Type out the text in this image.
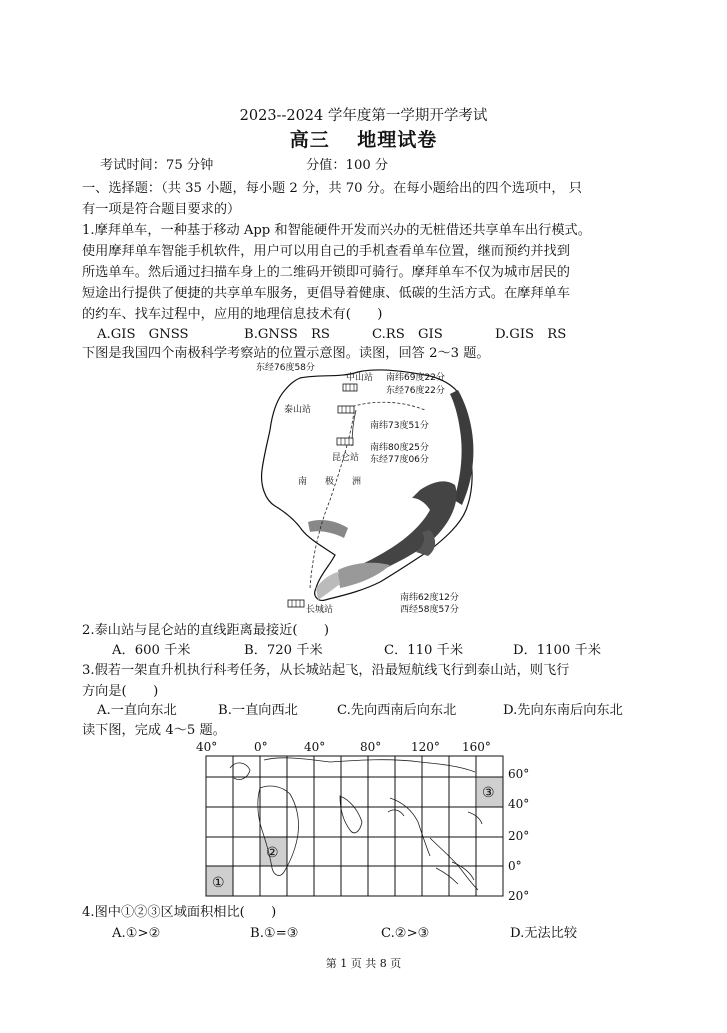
2023--2024 学年度第一学期开学考试
高三　 地理试卷
考试时间：75 分钟	分值：100 分
一、选择题：（共 35 小题，每小题 2 分，共 70 分。在每小题给出的四个选项中， 只
有一项是符合题目要求的）
1.摩拜单车，一种基于移动 App 和智能硬件开发而兴办的无桩借还共享单车出行模式。
使用摩拜单车智能手机软件，用户可以用自己的手机查看单车位置，继而预约并找到
所选单车。然后通过扫描车身上的二维码开锁即可骑行。摩拜单车不仅为城市居民的
短途出行提供了便捷的共享单车服务，更倡导着健康、低碳的生活方式。在摩拜单车
的约车、找车过程中，应用的地理信息技术有(　　)
A.GIS　GNSS	B.GNSS　RS	C.RS　GIS	D.GIS　RS
下图是我国四个南极科学考察站的位置示意图。读图，回答 2～3 题。
东经76度58分
中山站 南纬69度22分
东经76度22分
泰山站
南纬73度51分
南纬80度25分
昆仑站 东经77度06分
南　　极　　洲
南纬62度12分
长城站	西经58度57分
2.泰山站与昆仑站的直线距离最接近(　　)
A．600 千米	B．720 千米	C．110 千米	D．1100 千米
3.假若一架直升机执行科考任务，从长城站起飞，沿最短航线飞行到泰山站，则飞行
方向是(　　)
A.一直向东北	B.一直向西北	C.先向西南后向东北	D.先向东南后向东北
读下图，完成 4～5 题。
40°	0°	40°	80° 120° 160°
60°
40°
20°
0°
20°
①
②
③
4.图中①②③区域面积相比(　　)
A.①>②	B.①=③	C.②>③	D.无法比较
第 1 页 共 8 页
